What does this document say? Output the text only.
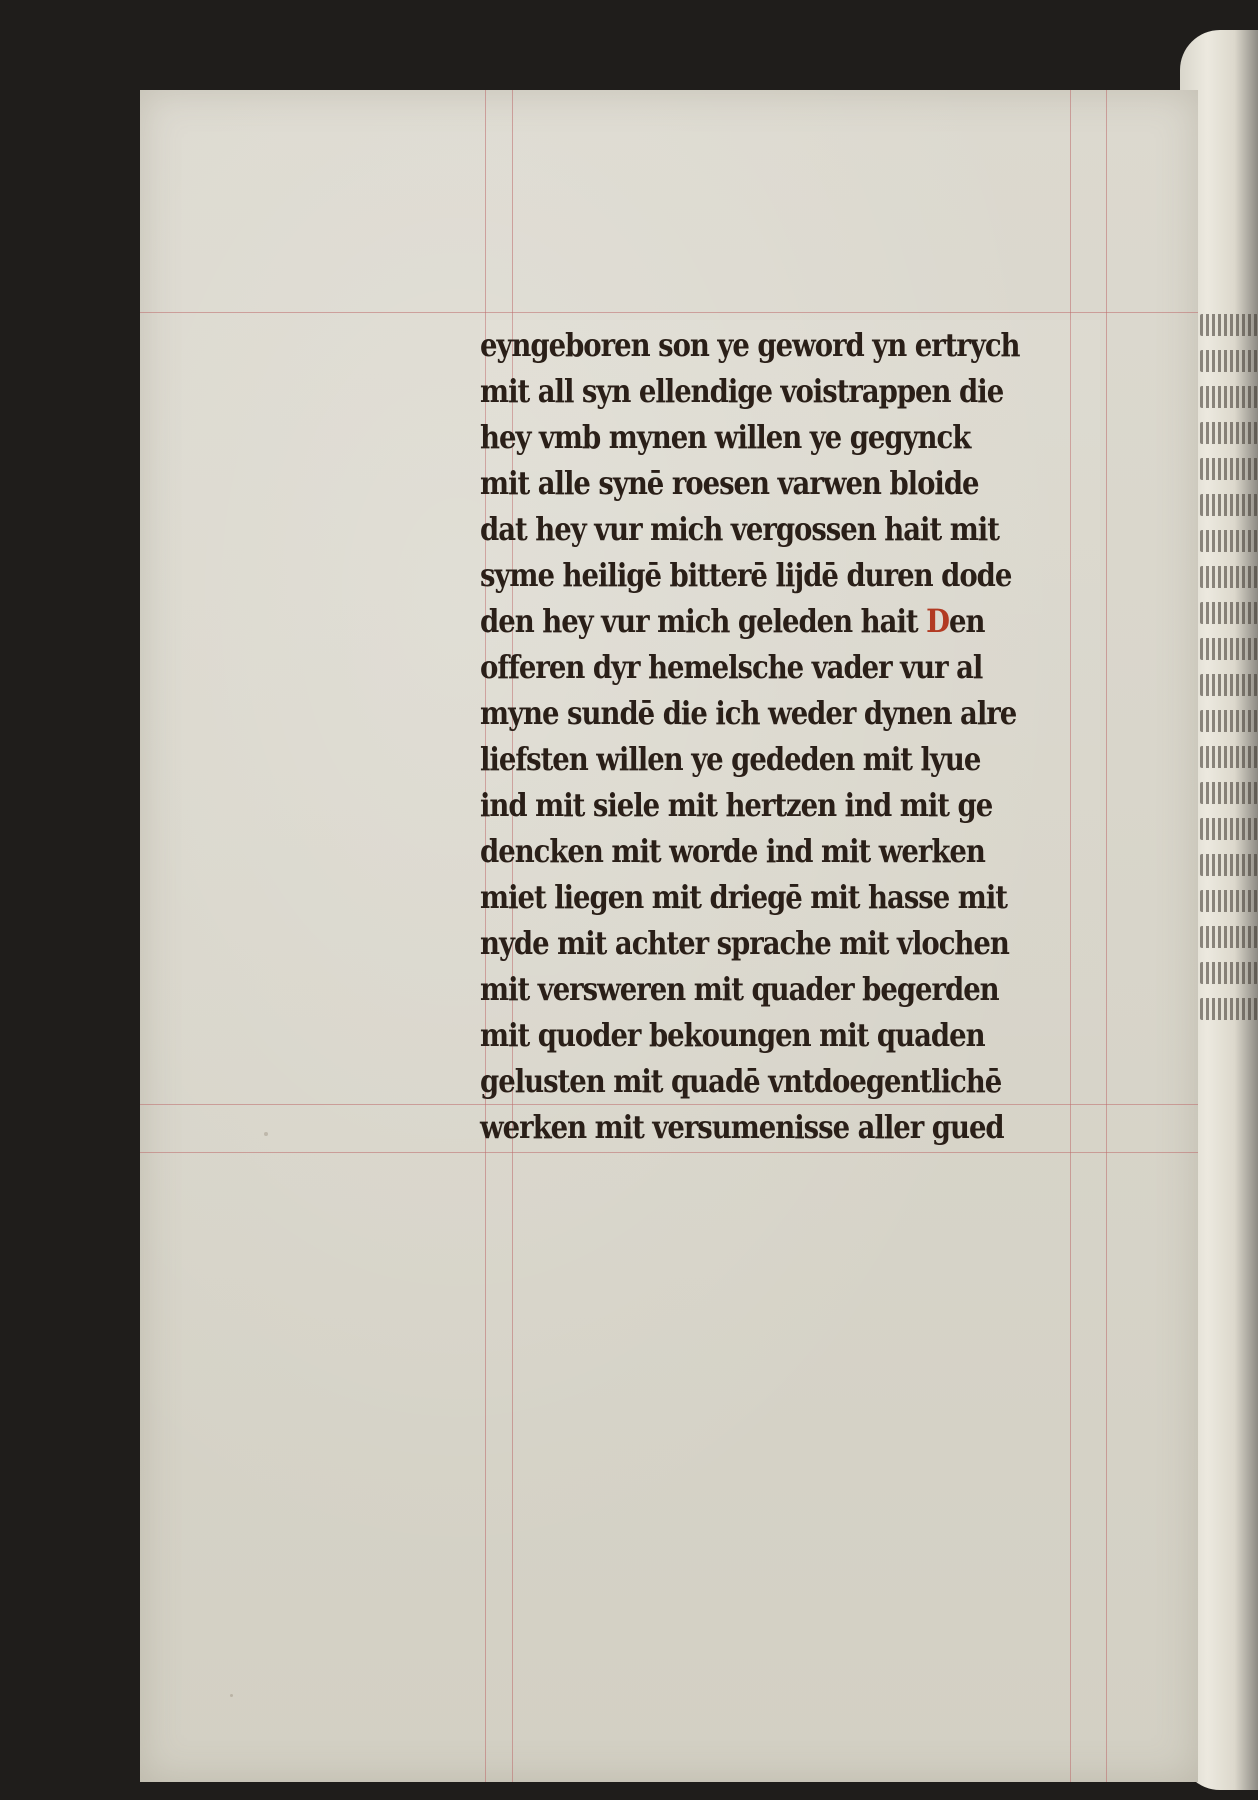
eyngeboren son ye geword yn ertrych
mit all syn ellendige voistrappen die
hey vmb mynen willen ye gegynck
mit alle synē roesen varwen bloide
dat hey vur mich vergossen hait mit
syme heiligē bitterē lijdē duren dode
den hey vur mich geleden hait Den
offeren dyr hemelsche vader vur al
myne sundē die ich weder dynen alre
liefsten willen ye gededen mit lyue
ind mit siele mit hertzen ind mit ge
dencken mit worde ind mit werken
miet liegen mit driegē mit hasse mit
nyde mit achter sprache mit vlochen
mit versweren mit quader begerden
mit quoder bekoungen mit quaden
gelusten mit quadē vntdoegentlichē
werken mit versumenisse aller gued
